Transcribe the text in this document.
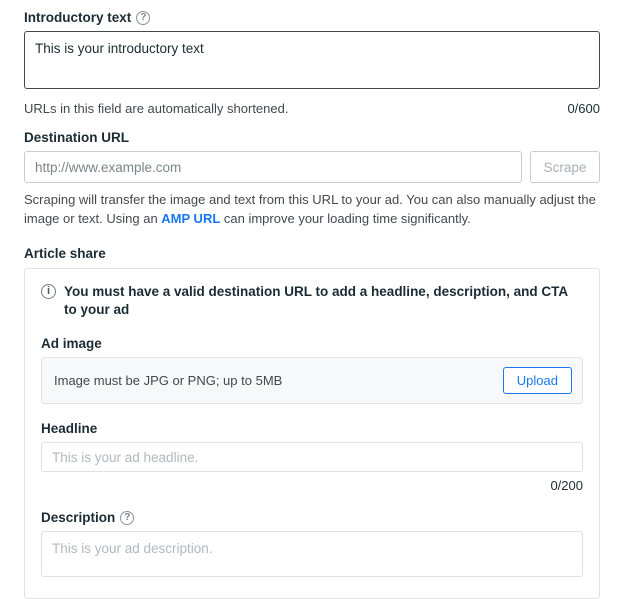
Introductory text ?
This is your introductory text
URLs in this field are automatically shortened.	0/600
Destination URL
http://www.example.com
Scrape
Scraping will transfer the image and text from this URL to your ad. You can also manually adjust the image or text. Using an AMP URL can improve your loading time significantly.
Article share
i	You must have a valid destination URL to add a headline, description, and CTA to your ad
Ad image
Image must be JPG or PNG; up to 5MB	Upload
Headline
This is your ad headline.
0/200
Description ?
This is your ad description.
